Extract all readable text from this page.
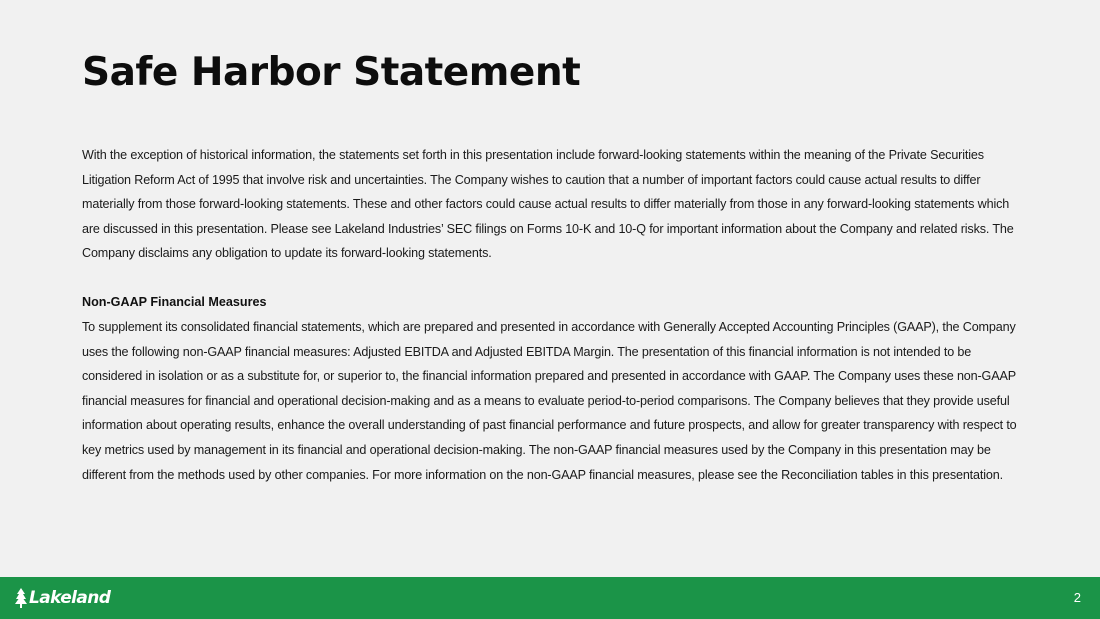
Safe Harbor Statement

With the exception of historical information, the statements set forth in this presentation include forward-looking statements within the meaning of the Private Securities Litigation Reform Act of 1995 that involve risk and uncertainties. The Company wishes to caution that a number of important factors could cause actual results to differ materially from those forward-looking statements. These and other factors could cause actual results to differ materially from those in any forward-looking statements which are discussed in this presentation. Please see Lakeland Industries’ SEC filings on Forms 10-K and 10-Q for important information about the Company and related risks. The Company disclaims any obligation to update its forward-looking statements.

Non-GAAP Financial Measures

To supplement its consolidated financial statements, which are prepared and presented in accordance with Generally Accepted Accounting Principles (GAAP), the Company uses the following non-GAAP financial measures: Adjusted EBITDA and Adjusted EBITDA Margin. The presentation of this financial information is not intended to be considered in isolation or as a substitute for, or superior to, the financial information prepared and presented in accordance with GAAP. The Company uses these non-GAAP financial measures for financial and operational decision-making and as a means to evaluate period-to-period comparisons. The Company believes that they provide useful information about operating results, enhance the overall understanding of past financial performance and future prospects, and allow for greater transparency with respect to key metrics used by management in its financial and operational decision-making. The non-GAAP financial measures used by the Company in this presentation may be different from the methods used by other companies. For more information on the non-GAAP financial measures, please see the Reconciliation tables in this presentation.

Lakeland	2
